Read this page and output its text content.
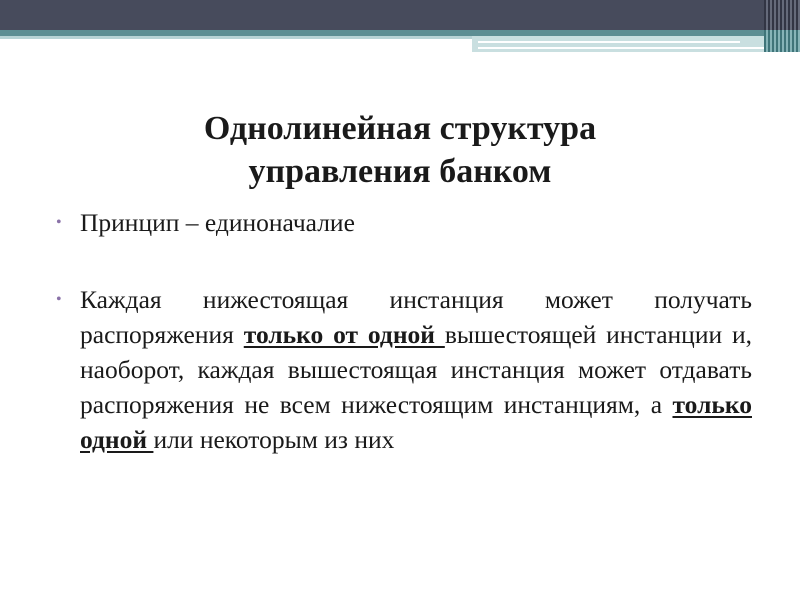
Однолинейная структура
управления банком
• Принцип – единоначалие
• Каждая нижестоящая инстанция может получать распоряжения только от одной вышестоящей инстанции и, наоборот, каждая вышестоящая инстанция может отдавать распоряжения не всем нижестоящим инстанциям, а только одной или некоторым из них
